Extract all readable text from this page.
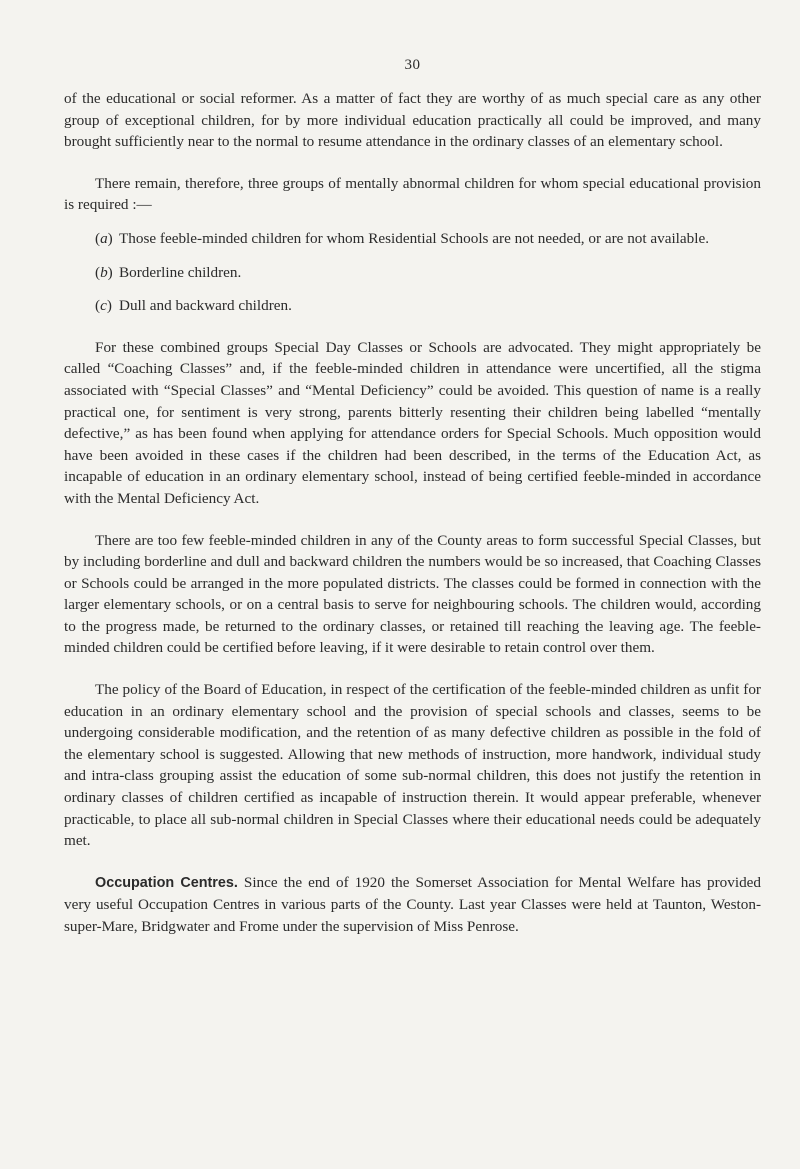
30

of the educational or social reformer. As a matter of fact they are worthy of as much special care as any other group of exceptional children, for by more individual education practically all could be improved, and many brought sufficiently near to the normal to resume attendance in the ordinary classes of an elementary school.

There remain, therefore, three groups of mentally abnormal children for whom special educational provision is required :—

(a) Those feeble-minded children for whom Residential Schools are not needed, or are not available.
(b) Borderline children.
(c) Dull and backward children.

For these combined groups Special Day Classes or Schools are advocated. They might appropriately be called “Coaching Classes” and, if the feeble-minded children in attendance were uncertified, all the stigma associated with “Special Classes” and “Mental Deficiency” could be avoided. This question of name is a really practical one, for sentiment is very strong, parents bitterly resenting their children being labelled “mentally defective,” as has been found when applying for attendance orders for Special Schools. Much opposition would have been avoided in these cases if the children had been described, in the terms of the Education Act, as incapable of education in an ordinary elementary school, instead of being certified feeble-minded in accordance with the Mental Deficiency Act.

There are too few feeble-minded children in any of the County areas to form successful Special Classes, but by including borderline and dull and backward children the numbers would be so increased, that Coaching Classes or Schools could be arranged in the more populated districts. The classes could be formed in connection with the larger elementary schools, or on a central basis to serve for neighbouring schools. The children would, according to the progress made, be returned to the ordinary classes, or retained till reaching the leaving age. The feeble-minded children could be certified before leaving, if it were desirable to retain control over them.

The policy of the Board of Education, in respect of the certification of the feeble-minded children as unfit for education in an ordinary elementary school and the provision of special schools and classes, seems to be undergoing considerable modification, and the retention of as many defective children as possible in the fold of the elementary school is suggested. Allowing that new methods of instruction, more handwork, individual study and intra-class grouping assist the education of some sub-normal children, this does not justify the retention in ordinary classes of children certified as incapable of instruction therein. It would appear preferable, whenever practicable, to place all sub-normal children in Special Classes where their educational needs could be adequately met.

Occupation Centres. Since the end of 1920 the Somerset Association for Mental Welfare has provided very useful Occupation Centres in various parts of the County. Last year Classes were held at Taunton, Weston-super-Mare, Bridgwater and Frome under the supervision of Miss Penrose.
